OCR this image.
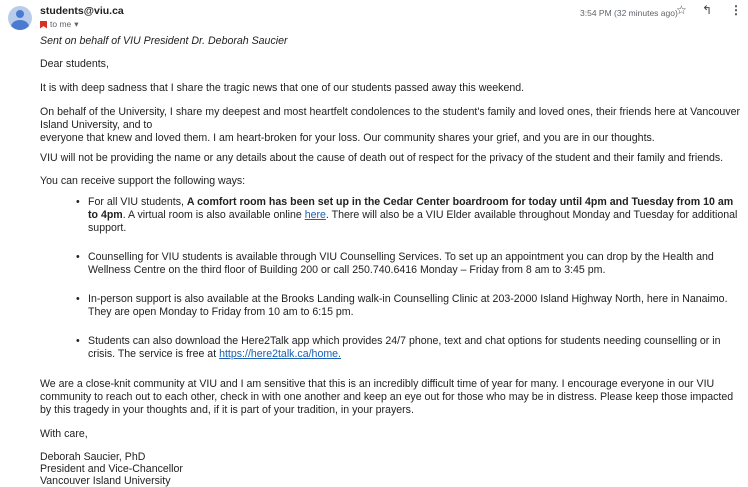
students@viu.ca
to me ▾
3:54 PM (32 minutes ago)
☆ ↰ ⋮
Sent on behalf of VIU President Dr. Deborah Saucier
Dear students,
It is with deep sadness that I share the tragic news that one of our students passed away this weekend.
On behalf of the University, I share my deepest and most heartfelt condolences to the student's family and loved ones, their friends here at Vancouver Island University, and to
everyone that knew and loved them. I am heart-broken for your loss. Our community shares your grief, and you are in our thoughts.
VIU will not be providing the name or any details about the cause of death out of respect for the privacy of the student and their family and friends.
You can receive support the following ways:
• For all VIU students, A comfort room has been set up in the Cedar Center boardroom for today until 4pm and Tuesday from 10 am to 4pm. A virtual room is also available online here. There will also be a VIU Elder available throughout Monday and Tuesday for additional support.
• Counselling for VIU students is available through VIU Counselling Services. To set up an appointment you can drop by the Health and Wellness Centre on the third floor of Building 200 or call 250.740.6416 Monday – Friday from 8 am to 3:45 pm.
• In-person support is also available at the Brooks Landing walk-in Counselling Clinic at 203-2000 Island Highway North, here in Nanaimo. They are open Monday to Friday from 10 am to 6:15 pm.
• Students can also download the Here2Talk app which provides 24/7 phone, text and chat options for students needing counselling or in crisis. The service is free at https://here2talk.ca/home.
We are a close-knit community at VIU and I am sensitive that this is an incredibly difficult time of year for many. I encourage everyone in our VIU community to reach out to each other, check in with one another and keep an eye out for those who may be in distress. Please keep those impacted by this tragedy in your thoughts and, if it is part of your tradition, in your prayers.
With care,
Deborah Saucier, PhD
President and Vice-Chancellor
Vancouver Island University
